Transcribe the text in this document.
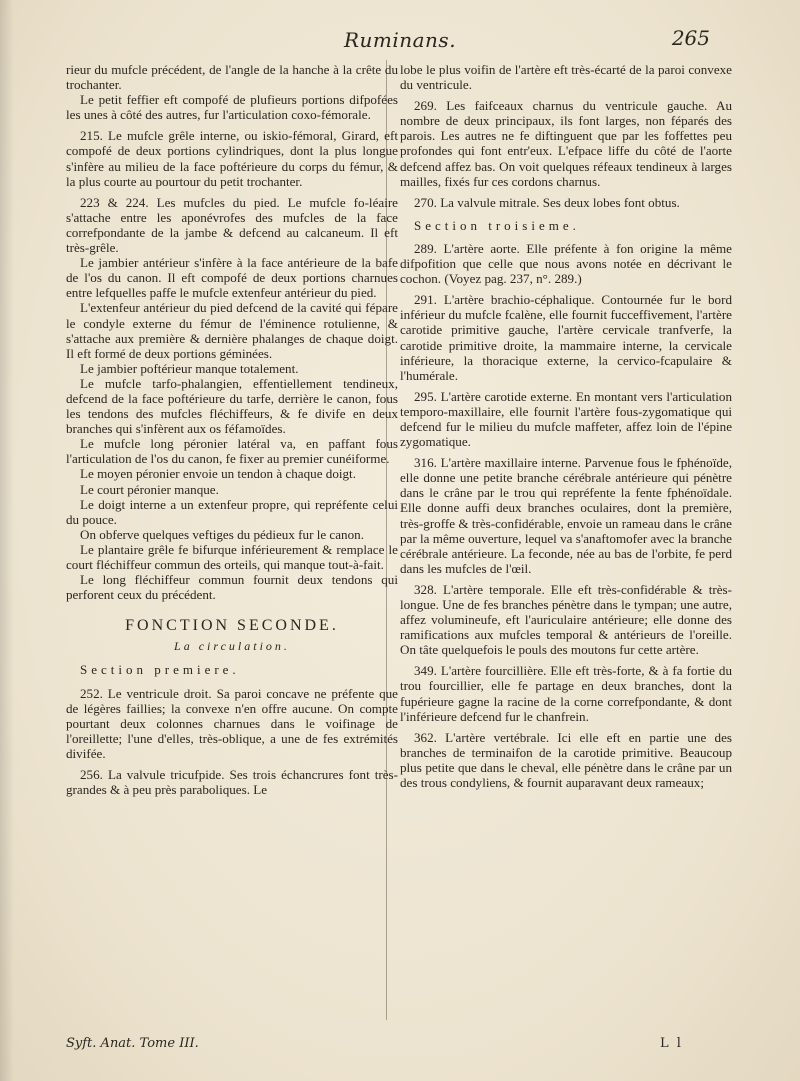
Ruminans.	265

rieur du mufcle précédent, de l'angle de la hanche à la crête du trochanter.

Le petit feffier eft compofé de plufieurs portions difpofées les unes à côté des autres, fur l'articulation coxo-fémorale.

215. Le mufcle grêle interne, ou iskio-fémoral, Girard, eft compofé de deux portions cylindriques, dont la plus longue s'infère au milieu de la face poftérieure du corps du fémur, & la plus courte au pourtour du petit trochanter.

223 & 224. Les mufcles du pied. Le mufcle fo-léaire s'attache entre les aponévrofes des mufcles de la face correfpondante de la jambe & defcend au calcaneum. Il eft très-grêle.

Le jambier antérieur s'infère à la face antérieure de la bafe de l'os du canon. Il eft compofé de deux portions charnues entre lefquelles paffe le mufcle extenfeur antérieur du pied.

L'extenfeur antérieur du pied defcend de la cavité qui fépare le condyle externe du fémur de l'éminence rotulienne, & s'attache aux première & dernière phalanges de chaque doigt. Il eft formé de deux portions géminées.

Le jambier poftérieur manque totalement.

Le mufcle tarfo-phalangien, effentiellement tendineux, defcend de la face poftérieure du tarfe, derrière le canon, fous les tendons des mufcles fléchiffeurs, & fe divife en deux branches qui s'infèrent aux os féfamoïdes.

Le mufcle long péronier latéral va, en paffant fous l'articulation de l'os du canon, fe fixer au premier cunéiforme.

Le moyen péronier envoie un tendon à chaque doigt.

Le court péronier manque.

Le doigt interne a un extenfeur propre, qui repréfente celui du pouce.

On obferve quelques veftiges du pédieux fur le canon.

Le plantaire grêle fe bifurque inférieurement & remplace le court fléchiffeur commun des orteils, qui manque tout-à-fait.

Le long fléchiffeur commun fournit deux tendons qui perforent ceux du précédent.

FONCTION SECONDE.

La circulation.

Section premiere.

252. Le ventricule droit. Sa paroi concave ne préfente que de légères faillies; la convexe n'en offre aucune. On compte pourtant deux colonnes charnues dans le voifinage de l'oreillette; l'une d'elles, très-oblique, a une de fes extrémités divifée.

256. La valvule tricufpide. Ses trois échancrures font très-grandes & à peu près paraboliques. Le

lobe le plus voifin de l'artère eft très-écarté de la paroi convexe du ventricule.

269. Les faifceaux charnus du ventricule gauche. Au nombre de deux principaux, ils font larges, non féparés des parois. Les autres ne fe diftinguent que par les foffettes peu profondes qui font entr'eux. L'efpace liffe du côté de l'aorte defcend affez bas. On voit quelques réfeaux tendineux à larges mailles, fixés fur ces cordons charnus.

270. La valvule mitrale. Ses deux lobes font obtus.

Section troisieme.

289. L'artère aorte. Elle préfente à fon origine la même difpofition que celle que nous avons notée en décrivant le cochon. (Voyez pag. 237, n°. 289.)

291. L'artère brachio-céphalique. Contournée fur le bord inférieur du mufcle fcalène, elle fournit fucceffivement, l'artère carotide primitive gauche, l'artère cervicale tranfverfe, la carotide primitive droite, la mammaire interne, la cervicale inférieure, la thoracique externe, la cervico-fcapulaire & l'humérale.

295. L'artère carotide externe. En montant vers l'articulation temporo-maxillaire, elle fournit l'artère fous-zygomatique qui defcend fur le milieu du mufcle maffeter, affez loin de l'épine zygomatique.

316. L'artère maxillaire interne. Parvenue fous le fphénoïde, elle donne une petite branche cérébrale antérieure qui pénètre dans le crâne par le trou qui repréfente la fente fphénoïdale. Elle donne auffi deux branches oculaires, dont la première, très-groffe & très-confidérable, envoie un rameau dans le crâne par la même ouverture, lequel va s'anaftomofer avec la branche cérébrale antérieure. La feconde, née au bas de l'orbite, fe perd dans les mufcles de l'œil.

328. L'artère temporale. Elle eft très-confidérable & très-longue. Une de fes branches pénètre dans le tympan; une autre, affez volumineufe, eft l'auriculaire antérieure; elle donne des ramifications aux mufcles temporal & antérieurs de l'oreille. On tâte quelquefois le pouls des moutons fur cette artère.

349. L'artère fourcillière. Elle eft très-forte, & à fa fortie du trou fourcillier, elle fe partage en deux branches, dont la fupérieure gagne la racine de la corne correfpondante, & dont l'inférieure defcend fur le chanfrein.

362. L'artère vertébrale. Ici elle eft en partie une des branches de terminaifon de la carotide primitive. Beaucoup plus petite que dans le cheval, elle pénètre dans le crâne par un des trous condyliens, & fournit auparavant deux rameaux;

Syft. Anat. Tome III.	L l
